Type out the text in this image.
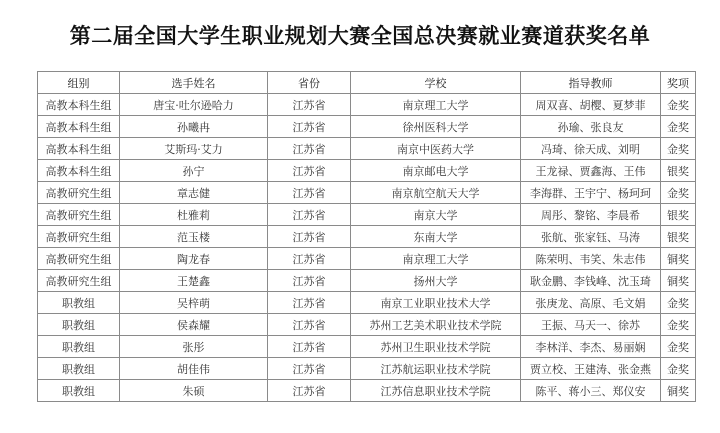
第二届全国大学生职业规划大赛全国总决赛就业赛道获奖名单
组别	选手姓名	省份	学校	指导教师	奖项
高教本科生组	唐宝·吐尔逊哈力	江苏省	南京理工大学	周双喜、胡樱、夏梦菲	金奖
高教本科生组	孙曦冉	江苏省	徐州医科大学	孙瑜、张良友	金奖
高教本科生组	艾斯玛·艾力	江苏省	南京中医药大学	冯琦、徐天成、刘明	金奖
高教本科生组	孙宁	江苏省	南京邮电大学	王龙禄、贾鑫海、王伟	银奖
高教研究生组	章志健	江苏省	南京航空航天大学	李海群、王宇宁、杨珂珂	金奖
高教研究生组	杜雅莉	江苏省	南京大学	周彤、黎铭、李晨希	银奖
高教研究生组	范玉楼	江苏省	东南大学	张航、张家钰、马涛	银奖
高教研究生组	陶龙春	江苏省	南京理工大学	陈荣明、韦笑、朱志伟	铜奖
高教研究生组	王楚鑫	江苏省	扬州大学	耿金鹏、李钱峰、沈玉琦	铜奖
职教组	吴梓萌	江苏省	南京工业职业技术大学	张庚龙、高原、毛文娟	金奖
职教组	侯森耀	江苏省	苏州工艺美术职业技术学院	王振、马天一、徐苏	金奖
职教组	张彤	江苏省	苏州卫生职业技术学院	李林洋、李杰、易丽娴	金奖
职教组	胡佳伟	江苏省	江苏航运职业技术学院	贾立校、王建涛、张金燕	金奖
职教组	朱硕	江苏省	江苏信息职业技术学院	陈平、蒋小三、郑仪安	铜奖
